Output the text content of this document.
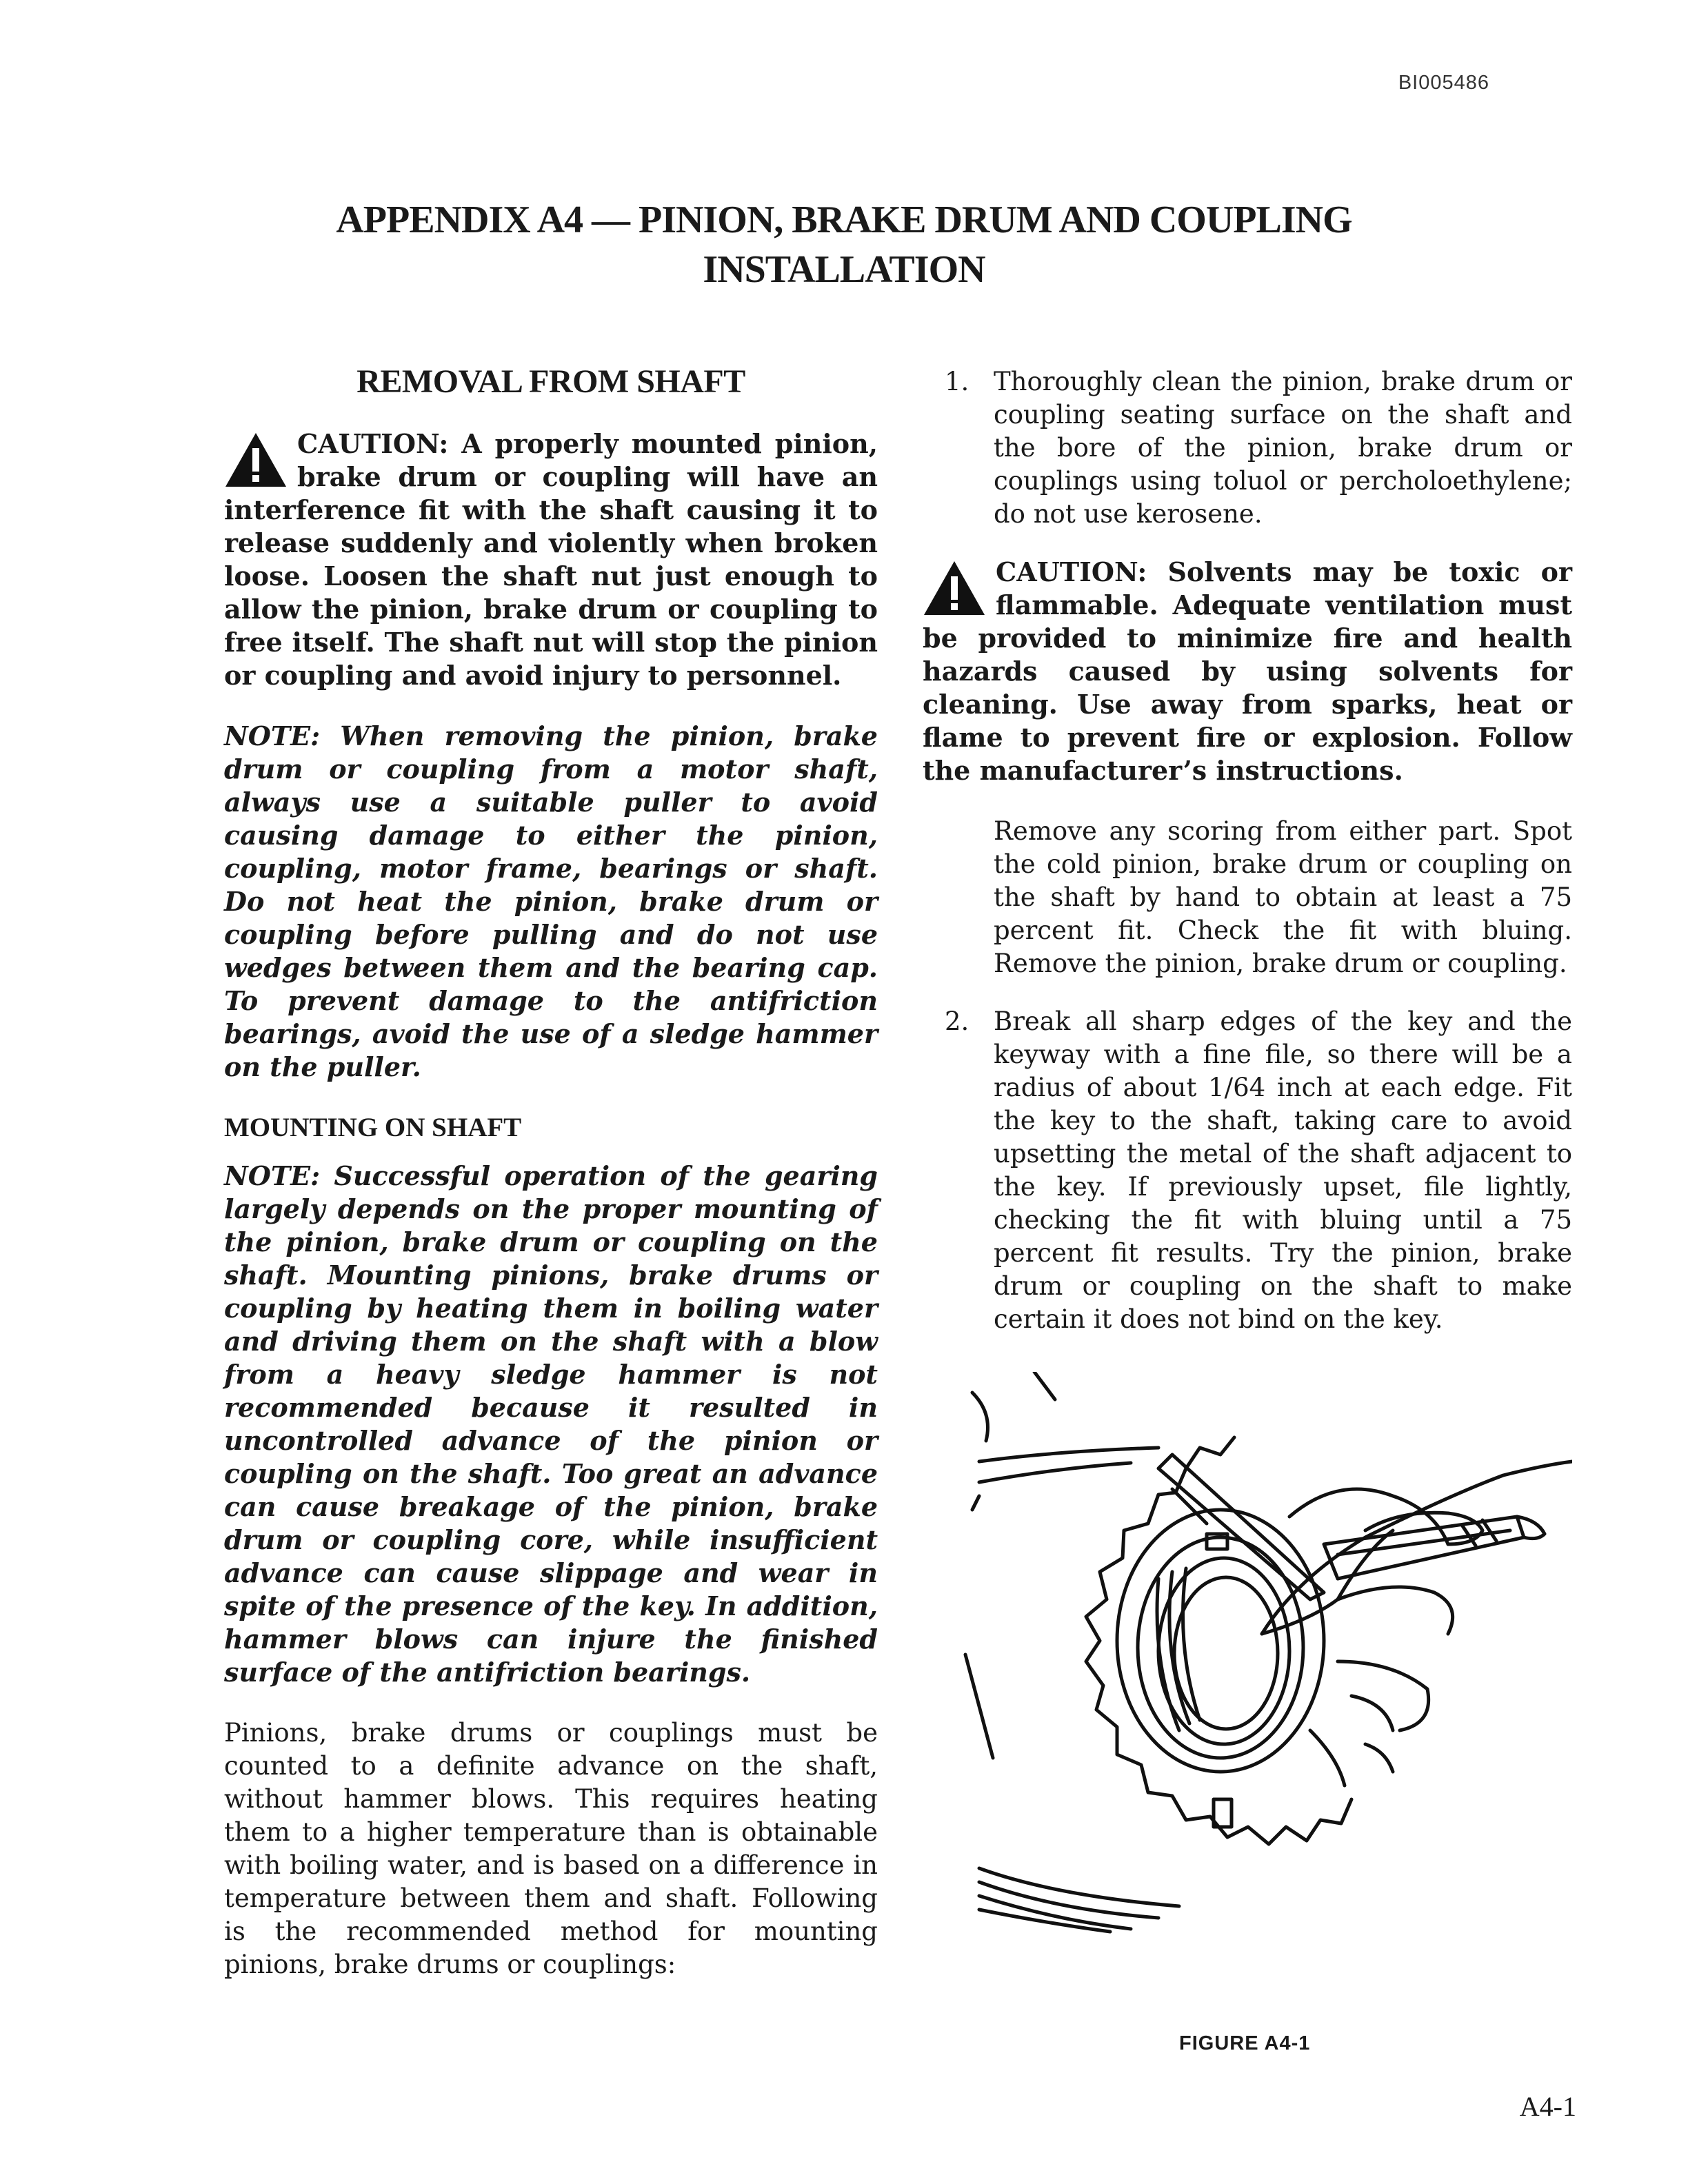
BI005486
APPENDIX A4 — PINION, BRAKE DRUM AND COUPLING
INSTALLATION
REMOVAL FROM SHAFT
CAUTION: A properly mounted pinion, brake drum or coupling will have an interference fit with the shaft causing it to release suddenly and violently when broken loose. Loosen the shaft nut just enough to allow the pinion, brake drum or coupling to free itself. The shaft nut will stop the pinion or coupling and avoid injury to personnel.

NOTE: When removing the pinion, brake drum or coupling from a motor shaft, always use a suitable puller to avoid causing damage to either the pinion, coupling, motor frame, bearings or shaft. Do not heat the pinion, brake drum or coupling before pulling and do not use wedges between them and the bearing cap. To prevent damage to the antifriction bearings, avoid the use of a sledge hammer on the puller.

MOUNTING ON SHAFT

NOTE: Successful operation of the gearing largely depends on the proper mounting of the pinion, brake drum or coupling on the shaft. Mounting pinions, brake drums or coupling by heating them in boiling water and driving them on the shaft with a blow from a heavy sledge hammer is not recommended because it resulted in uncontrolled advance of the pinion or coupling on the shaft. Too great an advance can cause breakage of the pinion, brake drum or coupling core, while insufficient advance can cause slippage and wear in spite of the presence of the key. In addition, hammer blows can injure the finished surface of the antifriction bearings.

Pinions, brake drums or couplings must be counted to a definite advance on the shaft, without hammer blows. This requires heating them to a higher temperature than is obtainable with boiling water, and is based on a difference in temperature between them and shaft. Following is the recommended method for mounting pinions, brake drums or couplings:

1. Thoroughly clean the pinion, brake drum or coupling seating surface on the shaft and the bore of the pinion, brake drum or couplings using toluol or percholoethylene; do not use kerosene.
CAUTION: Solvents may be toxic or flammable. Adequate ventilation must be provided to minimize fire and health hazards caused by using solvents for cleaning. Use away from sparks, heat or flame to prevent fire or explosion. Follow the manufacturer’s instructions.

Remove any scoring from either part. Spot the cold pinion, brake drum or coupling on the shaft by hand to obtain at least a 75 percent fit. Check the fit with bluing. Remove the pinion, brake drum or coupling.

2. Break all sharp edges of the key and the keyway with a fine file, so there will be a radius of about 1/64 inch at each edge. Fit the key to the shaft, taking care to avoid upsetting the metal of the shaft adjacent to the key. If previously upset, file lightly, checking the fit with bluing until a 75 percent fit results. Try the pinion, brake drum or coupling on the shaft to make certain it does not bind on the key.
FIGURE A4-1
A4-1
